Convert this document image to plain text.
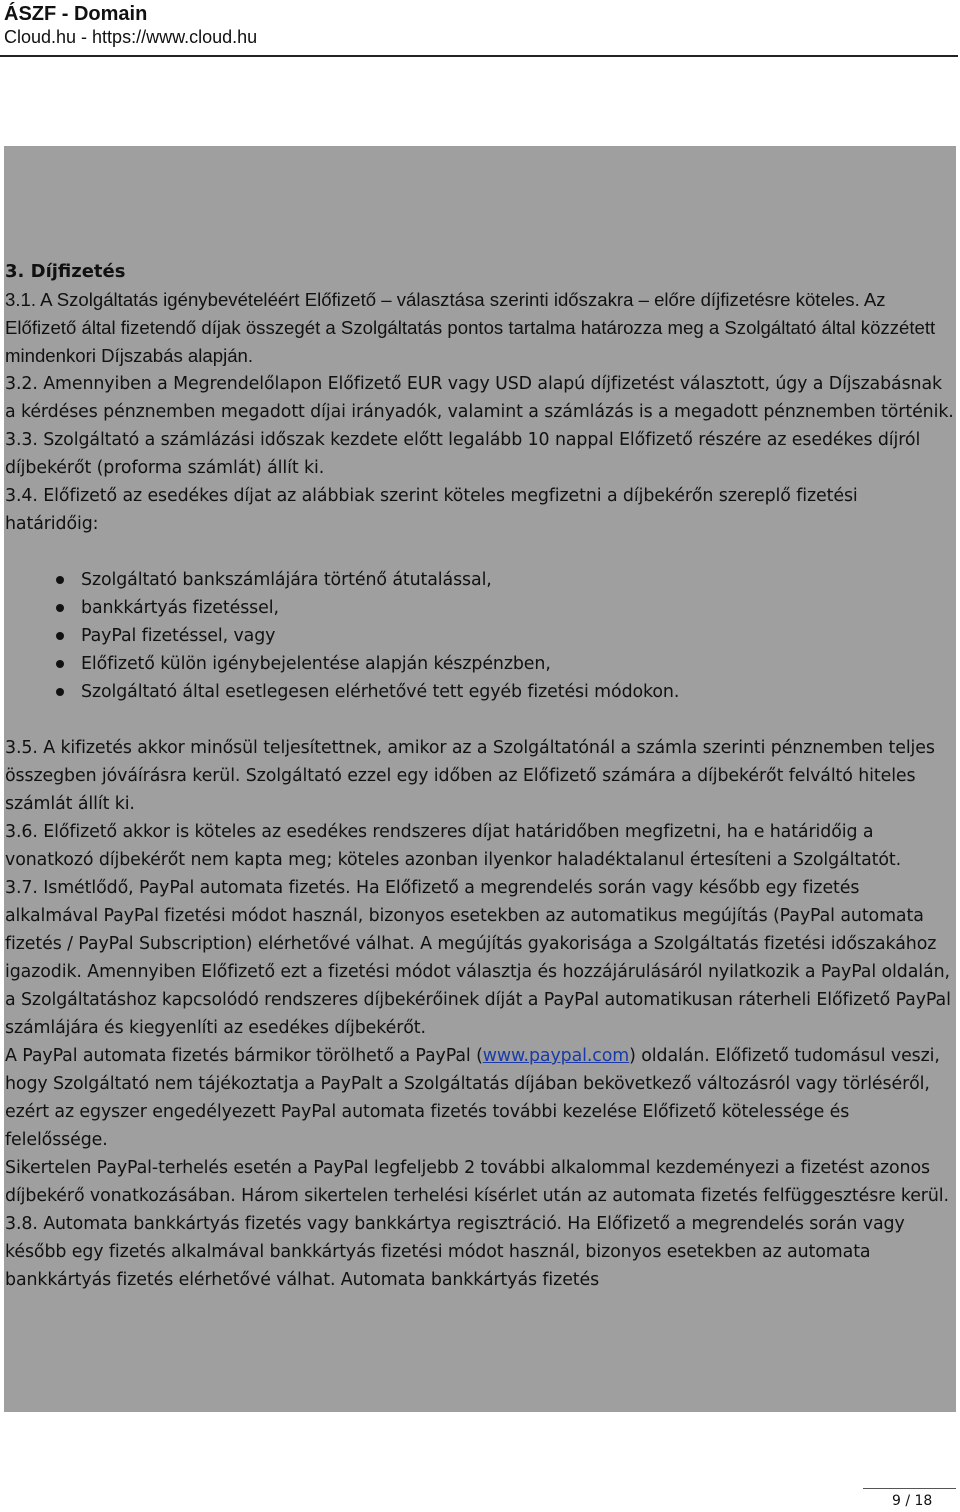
ÁSZF - Domain

Cloud.hu - https://www.cloud.hu

3. Díjfizetés

3.1. A Szolgáltatás igénybevételéért Előfizető – választása szerinti időszakra – előre díjfizetésre köteles. Az Előfizető által fizetendő díjak összegét a Szolgáltatás pontos tartalma határozza meg a Szolgáltató által közzétett mindenkori Díjszabás alapján.

3.2. Amennyiben a Megrendelőlapon Előfizető EUR vagy USD alapú díjfizetést választott, úgy a Díjszabásnak a kérdéses pénznemben megadott díjai irányadók, valamint a számlázás is a megadott pénznemben történik.

3.3. Szolgáltató a számlázási időszak kezdete előtt legalább 10 nappal Előfizető részére az esedékes díjról díjbekérőt (proforma számlát) állít ki.

3.4. Előfizető az esedékes díjat az alábbiak szerint köteles megfizetni a díjbekérőn szereplő fizetési határidőig:

Szolgáltató bankszámlájára történő átutalással,
bankkártyás fizetéssel,
PayPal fizetéssel, vagy
Előfizető külön igénybejelentése alapján készpénzben,
Szolgáltató által esetlegesen elérhetővé tett egyéb fizetési módokon.

3.5. A kifizetés akkor minősül teljesítettnek, amikor az a Szolgáltatónál a számla szerinti pénznemben teljes összegben jóváírásra kerül. Szolgáltató ezzel egy időben az Előfizető számára a díjbekérőt felváltó hiteles számlát állít ki.

3.6. Előfizető akkor is köteles az esedékes rendszeres díjat határidőben megfizetni, ha e határidőig a vonatkozó díjbekérőt nem kapta meg; köteles azonban ilyenkor haladéktalanul értesíteni a Szolgáltatót.

3.7. Ismétlődő, PayPal automata fizetés. Ha Előfizető a megrendelés során vagy később egy fizetés alkalmával PayPal fizetési módot használ, bizonyos esetekben az automatikus megújítás (PayPal automata fizetés / PayPal Subscription) elérhetővé válhat. A megújítás gyakorisága a Szolgáltatás fizetési időszakához igazodik. Amennyiben Előfizető ezt a fizetési módot választja és hozzájárulásáról nyilatkozik a PayPal oldalán, a Szolgáltatáshoz kapcsolódó rendszeres díjbekérőinek díját a PayPal automatikusan ráterheli Előfizető PayPal számlájára és kiegyenlíti az esedékes díjbekérőt.

A PayPal automata fizetés bármikor törölhető a PayPal (www.paypal.com) oldalán. Előfizető tudomásul veszi, hogy Szolgáltató nem tájékoztatja a PayPalt a Szolgáltatás díjában bekövetkező változásról vagy törléséről, ezért az egyszer engedélyezett PayPal automata fizetés további kezelése Előfizető kötelessége és felelőssége.

Sikertelen PayPal-terhelés esetén a PayPal legfeljebb 2 további alkalommal kezdeményezi a fizetést azonos díjbekérő vonatkozásában. Három sikertelen terhelési kísérlet után az automata fizetés felfüggesztésre kerül.

3.8. Automata bankkártyás fizetés vagy bankkártya regisztráció. Ha Előfizető a megrendelés során vagy később egy fizetés alkalmával bankkártyás fizetési módot használ, bizonyos esetekben az automata bankkártyás fizetés elérhetővé válhat. Automata bankkártyás fizetés

9 / 18
